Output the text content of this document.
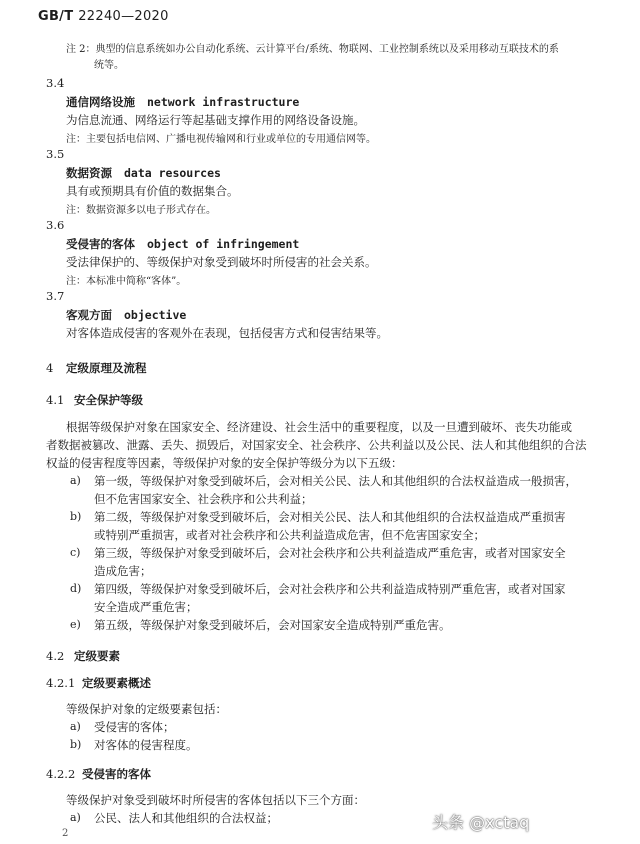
GB/T 22240—2020
注 2：典型的信息系统如办公自动化系统、云计算平台/系统、物联网、工业控制系统以及采用移动互联技术的系
统等。
3.4
通信网络设施 network infrastructure
为信息流通、网络运行等起基础支撑作用的网络设备设施。
注：主要包括电信网、广播电视传输网和行业或单位的专用通信网等。
3.5
数据资源 data resources
具有或预期具有价值的数据集合。
注：数据资源多以电子形式存在。
3.6
受侵害的客体 object of infringement
受法律保护的、等级保护对象受到破坏时所侵害的社会关系。
注：本标准中简称“客体”。
3.7
客观方面 objective
对客体造成侵害的客观外在表现，包括侵害方式和侵害结果等。
4 定级原理及流程
4.1 安全保护等级
根据等级保护对象在国家安全、经济建设、社会生活中的重要程度，以及一旦遭到破坏、丧失功能或
者数据被篡改、泄露、丢失、损毁后，对国家安全、社会秩序、公共利益以及公民、法人和其他组织的合法
权益的侵害程度等因素，等级保护对象的安全保护等级分为以下五级：
a) 第一级，等级保护对象受到破坏后，会对相关公民、法人和其他组织的合法权益造成一般损害，
但不危害国家安全、社会秩序和公共利益；
b) 第二级，等级保护对象受到破坏后，会对相关公民、法人和其他组织的合法权益造成严重损害
或特别严重损害，或者对社会秩序和公共利益造成危害，但不危害国家安全；
c) 第三级，等级保护对象受到破坏后，会对社会秩序和公共利益造成严重危害，或者对国家安全
造成危害；
d) 第四级，等级保护对象受到破坏后，会对社会秩序和公共利益造成特别严重危害，或者对国家
安全造成严重危害；
e) 第五级，等级保护对象受到破坏后，会对国家安全造成特别严重危害。
4.2 定级要素
4.2.1 定级要素概述
等级保护对象的定级要素包括：
a) 受侵害的客体；
b) 对客体的侵害程度。
4.2.2 受侵害的客体
等级保护对象受到破坏时所侵害的客体包括以下三个方面：
a) 公民、法人和其他组织的合法权益；
2
头条 @xctaq
